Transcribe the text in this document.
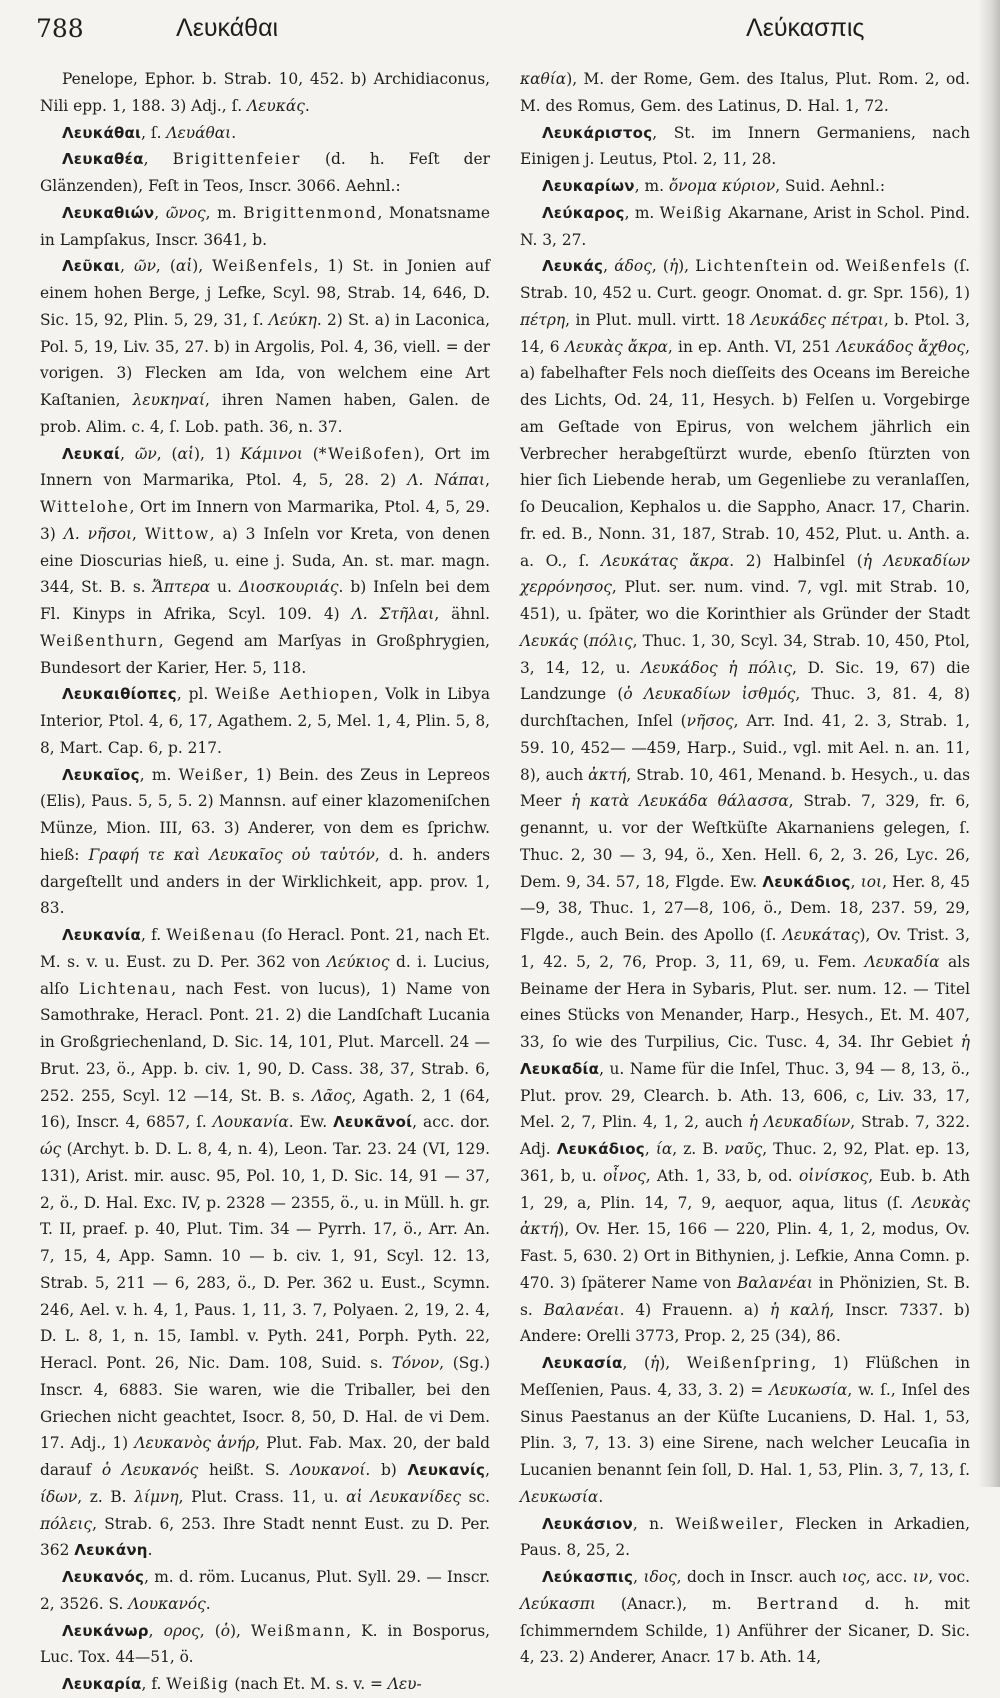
788	Λευκάθαι	Λεύκασπις

Penelope, Ephor. b. Strab. 10, 452. b) Archidiaconus, Nili epp. 1, 188. 3) Adj., ſ. Λευκάς.

Λευκάθαι, ſ. Λευάθαι.

Λευκαθέα, Brigittenfeier (d. h. Feſt der Glänzenden), Feſt in Teos, Inscr. 3066. Aehnl.:

Λευκαθιών, ῶνος, m. Brigittenmond, Monatsname in Lampſakus, Inscr. 3641, b.

Λεῦκαι, ῶν, (αἱ), Weißenfels, 1) St. in Jonien auf einem hohen Berge, j Lefke, Scyl. 98, Strab. 14, 646, D. Sic. 15, 92, Plin. 5, 29, 31, ſ. Λεύκη. 2) St. a) in Laconica, Pol. 5, 19, Liv. 35, 27. b) in Argolis, Pol. 4, 36, viell. = der vorigen. 3) Flecken am Ida, von welchem eine Art Kaſtanien, λευκηναί, ihren Namen haben, Galen. de prob. Alim. c. 4, ſ. Lob. path. 36, n. 37.

Λευκαί, ῶν, (αἱ), 1) Κάμινοι (*Weißofen), Ort im Innern von Marmarika, Ptol. 4, 5, 28. 2) Λ. Νάπαι, Wittelohe, Ort im Innern von Marmarika, Ptol. 4, 5, 29. 3) Λ. νῆσοι, Wittow, a) 3 Inſeln vor Kreta, von denen eine Dioscurias hieß, u. eine j. Suda, An. st. mar. magn. 344, St. B. s. Ἄπτερα u. Διοσκουριάς. b) Inſeln bei dem Fl. Kinyps in Afrika, Scyl. 109. 4) Λ. Στῆλαι, ähnl. Weißenthurn, Gegend am Marſyas in Großphrygien, Bundesort der Karier, Her. 5, 118.

Λευκαιθίοπες, pl. Weiße Aethiopen, Volk in Libya Interior, Ptol. 4, 6, 17, Agathem. 2, 5, Mel. 1, 4, Plin. 5, 8, 8, Mart. Cap. 6, p. 217.

Λευκαῖος, m. Weißer, 1) Bein. des Zeus in Lepreos (Elis), Paus. 5, 5, 5. 2) Mannsn. auf einer klazomeniſchen Münze, Mion. III, 63. 3) Anderer, von dem es ſprichw. hieß: Γραφή τε καὶ Λευκαῖος οὐ ταὐτόν, d. h. anders dargeſtellt und anders in der Wirklichkeit, app. prov. 1, 83.

Λευκανία, f. Weißenau (ſo Heracl. Pont. 21, nach Et. M. s. v. u. Eust. zu D. Per. 362 von Λεύκιος d. i. Lucius, alſo Lichtenau, nach Fest. von lucus), 1) Name von Samothrake, Heracl. Pont. 21. 2) die Landſchaft Lucania in Großgriechenland, D. Sic. 14, 101, Plut. Marcell. 24 — Brut. 23, ö., App. b. civ. 1, 90, D. Cass. 38, 37, Strab. 6, 252. 255, Scyl. 12 —14, St. B. s. Λᾶος, Agath. 2, 1 (64, 16), Inscr. 4, 6857, ſ. Λουκανία. Ew. Λευκᾶνοί, acc. dor. ώς (Archyt. b. D. L. 8, 4, n. 4), Leon. Tar. 23. 24 (VI, 129. 131), Arist. mir. ausc. 95, Pol. 10, 1, D. Sic. 14, 91 — 37, 2, ö., D. Hal. Exc. IV, p. 2328 — 2355, ö., u. in Müll. h. gr. T. II, praef. p. 40, Plut. Tim. 34 — Pyrrh. 17, ö., Arr. An. 7, 15, 4, App. Samn. 10 — b. civ. 1, 91, Scyl. 12. 13, Strab. 5, 211 — 6, 283, ö., D. Per. 362 u. Eust., Scymn. 246, Ael. v. h. 4, 1, Paus. 1, 11, 3. 7, Polyaen. 2, 19, 2. 4, D. L. 8, 1, n. 15, Iambl. v. Pyth. 241, Porph. Pyth. 22, Heracl. Pont. 26, Nic. Dam. 108, Suid. s. Τόνον, (Sg.) Inscr. 4, 6883. Sie waren, wie die Triballer, bei den Griechen nicht geachtet, Isocr. 8, 50, D. Hal. de vi Dem. 17. Adj., 1) Λευκανὸς ἀνήρ, Plut. Fab. Max. 20, der bald darauf ὁ Λευκανός heißt. S. Λουκανοί. b) Λευκανίς, ίδων, z. B. λίμνη, Plut. Crass. 11, u. αἱ Λευκανίδες sc. πόλεις, Strab. 6, 253. Ihre Stadt nennt Eust. zu D. Per. 362 Λευκάνη.

Λευκανός, m. d. röm. Lucanus, Plut. Syll. 29. — Inscr. 2, 3526. S. Λουκανός.

Λευκάνωρ, ορος, (ὁ), Weißmann, K. in Bosporus, Luc. Tox. 44—51, ö.

Λευκαρία, f. Weißig (nach Et. M. s. v. = Λευ-

καθία), M. der Rome, Gem. des Italus, Plut. Rom. 2, od. M. des Romus, Gem. des Latinus, D. Hal. 1, 72.

Λευκάριστος, St. im Innern Germaniens, nach Einigen j. Leutus, Ptol. 2, 11, 28.

Λευκαρίων, m. ὄνομα κύριον, Suid. Aehnl.:

Λεύκαρος, m. Weißig Akarnane, Arist in Schol. Pind. N. 3, 27.

Λευκάς, άδος, (ἡ), Lichtenſtein od. Weißenfels (ſ. Strab. 10, 452 u. Curt. geogr. Onomat. d. gr. Spr. 156), 1) πέτρη, in Plut. mull. virtt. 18 Λευκάδες πέτραι, b. Ptol. 3, 14, 6 Λευκὰς ἄκρα, in ep. Anth. VI, 251 Λευκάδος ἄχθος, a) fabelhafter Fels noch dieſſeits des Oceans im Bereiche des Lichts, Od. 24, 11, Hesych. b) Felſen u. Vorgebirge am Geſtade von Epirus, von welchem jährlich ein Verbrecher herabgeſtürzt wurde, ebenſo ſtürzten von hier ſich Liebende herab, um Gegenliebe zu veranlaſſen, ſo Deucalion, Kephalos u. die Sappho, Anacr. 17, Charin. fr. ed. B., Nonn. 31, 187, Strab. 10, 452, Plut. u. Anth. a. a. O., ſ. Λευκάτας ἄκρα. 2) Halbinſel (ἡ Λευκαδίων χερρόνησος, Plut. ser. num. vind. 7, vgl. mit Strab. 10, 451), u. ſpäter, wo die Korinthier als Gründer der Stadt Λευκάς (πόλις, Thuc. 1, 30, Scyl. 34, Strab. 10, 450, Ptol, 3, 14, 12, u. Λευκάδος ἡ πόλις, D. Sic. 19, 67) die Landzunge (ὁ Λευκαδίων ἰσθμός, Thuc. 3, 81. 4, 8) durchſtachen, Inſel (νῆσος, Arr. Ind. 41, 2. 3, Strab. 1, 59. 10, 452— —459, Harp., Suid., vgl. mit Ael. n. an. 11, 8), auch ἀκτή, Strab. 10, 461, Menand. b. Hesych., u. das Meer ἡ κατὰ Λευκάδα θάλασσα, Strab. 7, 329, fr. 6, genannt, u. vor der Weſtküſte Akarnaniens gelegen, ſ. Thuc. 2, 30 — 3, 94, ö., Xen. Hell. 6, 2, 3. 26, Lyc. 26, Dem. 9, 34. 57, 18, Flgde. Ew. Λευκάδιος, ιοι, Her. 8, 45—9, 38, Thuc. 1, 27—8, 106, ö., Dem. 18, 237. 59, 29, Flgde., auch Bein. des Apollo (ſ. Λευκάτας), Ov. Trist. 3, 1, 42. 5, 2, 76, Prop. 3, 11, 69, u. Fem. Λευκαδία als Beiname der Hera in Sybaris, Plut. ser. num. 12. — Titel eines Stücks von Menander, Harp., Hesych., Et. M. 407, 33, ſo wie des Turpilius, Cic. Tusc. 4, 34. Ihr Gebiet ἡ Λευκαδία, u. Name für die Inſel, Thuc. 3, 94 — 8, 13, ö., Plut. prov. 29, Clearch. b. Ath. 13, 606, c, Liv. 33, 17, Mel. 2, 7, Plin. 4, 1, 2, auch ἡ Λευκαδίων, Strab. 7, 322. Adj. Λευκάδιος, ία, z. B. ναῦς, Thuc. 2, 92, Plat. ep. 13, 361, b, u. οἶνος, Ath. 1, 33, b, od. οἰνίσκος, Eub. b. Ath 1, 29, a, Plin. 14, 7, 9, aequor, aqua, litus (ſ. Λευκὰς ἀκτή), Ov. Her. 15, 166 — 220, Plin. 4, 1, 2, modus, Ov. Fast. 5, 630. 2) Ort in Bithynien, j. Lefkie, Anna Comn. p. 470. 3) ſpäterer Name von Βαλανέαι in Phönizien, St. B. s. Βαλανέαι. 4) Frauenn. a) ἡ καλή, Inscr. 7337. b) Andere: Orelli 3773, Prop. 2, 25 (34), 86.

Λευκασία, (ἡ), Weißenſpring, 1) Flüßchen in Meſſenien, Paus. 4, 33, 3. 2) = Λευκωσία, w. ſ., Inſel des Sinus Paestanus an der Küſte Lucaniens, D. Hal. 1, 53, Plin. 3, 7, 13. 3) eine Sirene, nach welcher Leucaſia in Lucanien benannt ſein ſoll, D. Hal. 1, 53, Plin. 3, 7, 13, ſ. Λευκωσία.

Λευκάσιον, n. Weißweiler, Flecken in Arkadien, Paus. 8, 25, 2.

Λεύκασπις, ιδος, doch in Inscr. auch ιος, acc. ιν, voc. Λεύκασπι (Anacr.), m. Bertrand d. h. mit ſchimmerndem Schilde, 1) Anführer der Sicaner, D. Sic. 4, 23. 2) Anderer, Anacr. 17 b. Ath. 14,
